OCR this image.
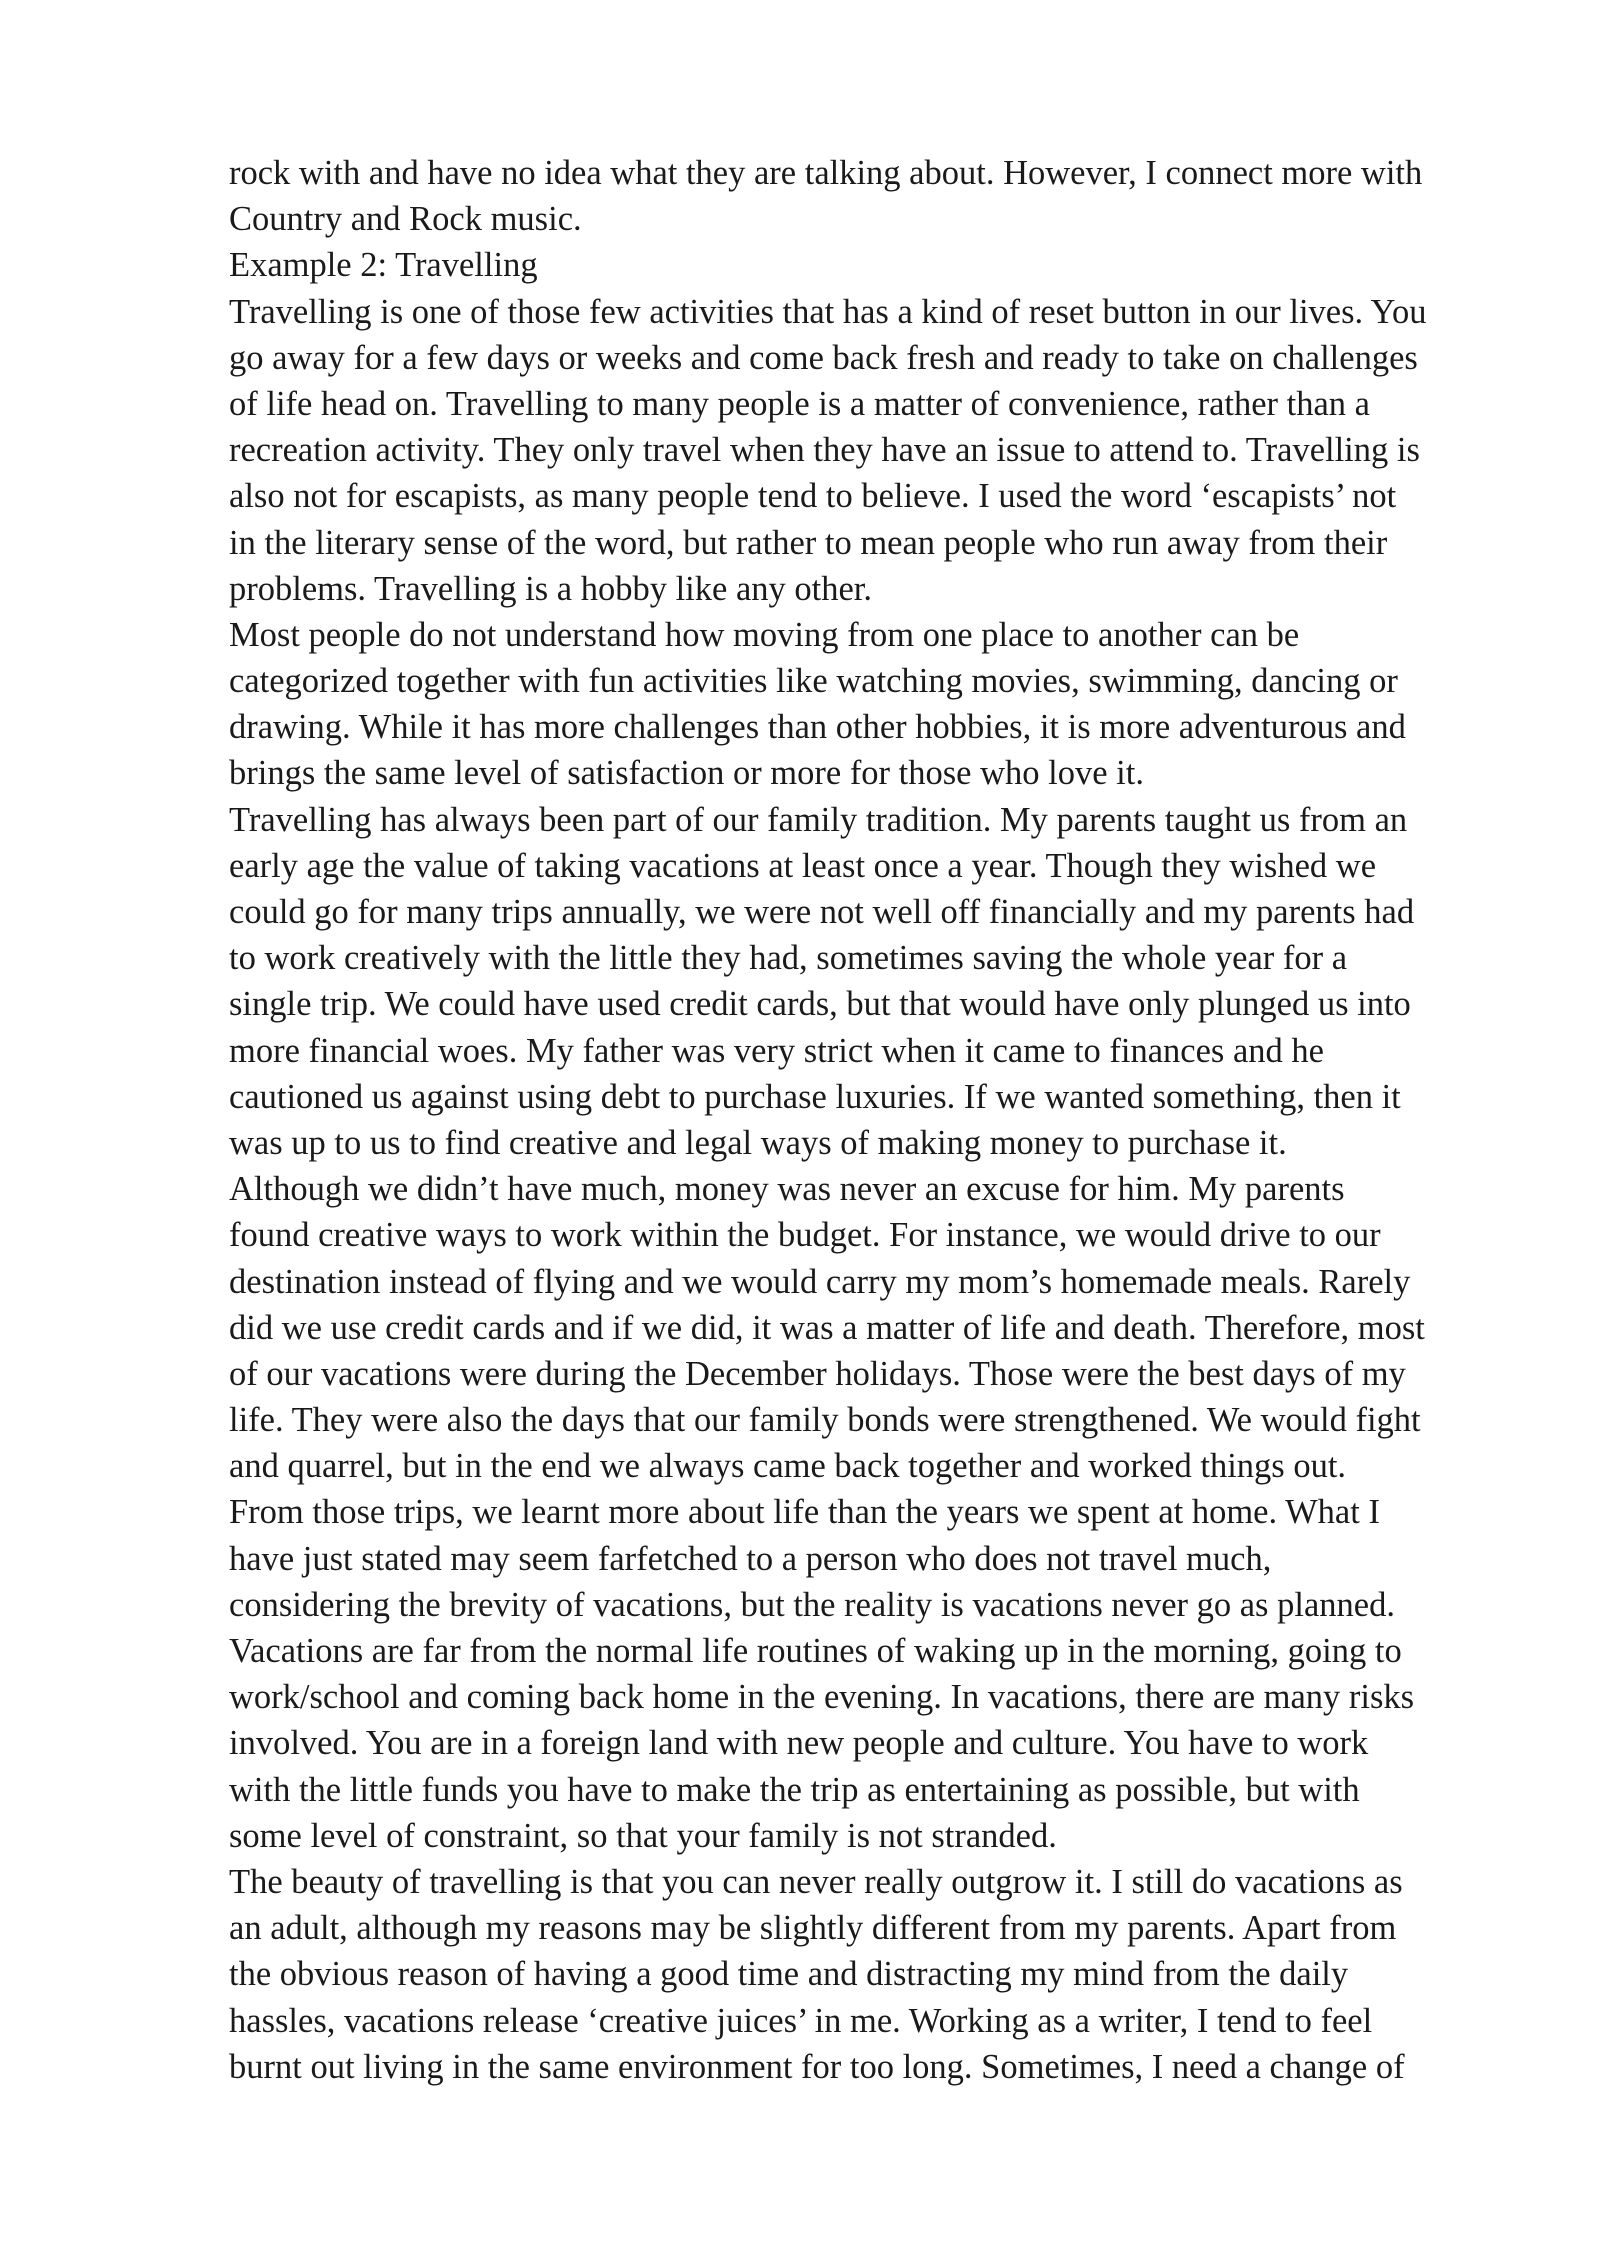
rock with and have no idea what they are talking about. However, I connect more with
Country and Rock music.
Example 2: Travelling
Travelling is one of those few activities that has a kind of reset button in our lives. You
go away for a few days or weeks and come back fresh and ready to take on challenges
of life head on. Travelling to many people is a matter of convenience, rather than a
recreation activity. They only travel when they have an issue to attend to. Travelling is
also not for escapists, as many people tend to believe. I used the word ‘escapists’ not
in the literary sense of the word, but rather to mean people who run away from their
problems. Travelling is a hobby like any other.
Most people do not understand how moving from one place to another can be
categorized together with fun activities like watching movies, swimming, dancing or
drawing. While it has more challenges than other hobbies, it is more adventurous and
brings the same level of satisfaction or more for those who love it.
Travelling has always been part of our family tradition. My parents taught us from an
early age the value of taking vacations at least once a year. Though they wished we
could go for many trips annually, we were not well off financially and my parents had
to work creatively with the little they had, sometimes saving the whole year for a
single trip. We could have used credit cards, but that would have only plunged us into
more financial woes. My father was very strict when it came to finances and he
cautioned us against using debt to purchase luxuries. If we wanted something, then it
was up to us to find creative and legal ways of making money to purchase it.
Although we didn’t have much, money was never an excuse for him. My parents
found creative ways to work within the budget. For instance, we would drive to our
destination instead of flying and we would carry my mom’s homemade meals. Rarely
did we use credit cards and if we did, it was a matter of life and death. Therefore, most
of our vacations were during the December holidays. Those were the best days of my
life. They were also the days that our family bonds were strengthened. We would fight
and quarrel, but in the end we always came back together and worked things out.
From those trips, we learnt more about life than the years we spent at home. What I
have just stated may seem farfetched to a person who does not travel much,
considering the brevity of vacations, but the reality is vacations never go as planned.
Vacations are far from the normal life routines of waking up in the morning, going to
work/school and coming back home in the evening. In vacations, there are many risks
involved. You are in a foreign land with new people and culture. You have to work
with the little funds you have to make the trip as entertaining as possible, but with
some level of constraint, so that your family is not stranded.
The beauty of travelling is that you can never really outgrow it. I still do vacations as
an adult, although my reasons may be slightly different from my parents. Apart from
the obvious reason of having a good time and distracting my mind from the daily
hassles, vacations release ‘creative juices’ in me. Working as a writer, I tend to feel
burnt out living in the same environment for too long. Sometimes, I need a change of
